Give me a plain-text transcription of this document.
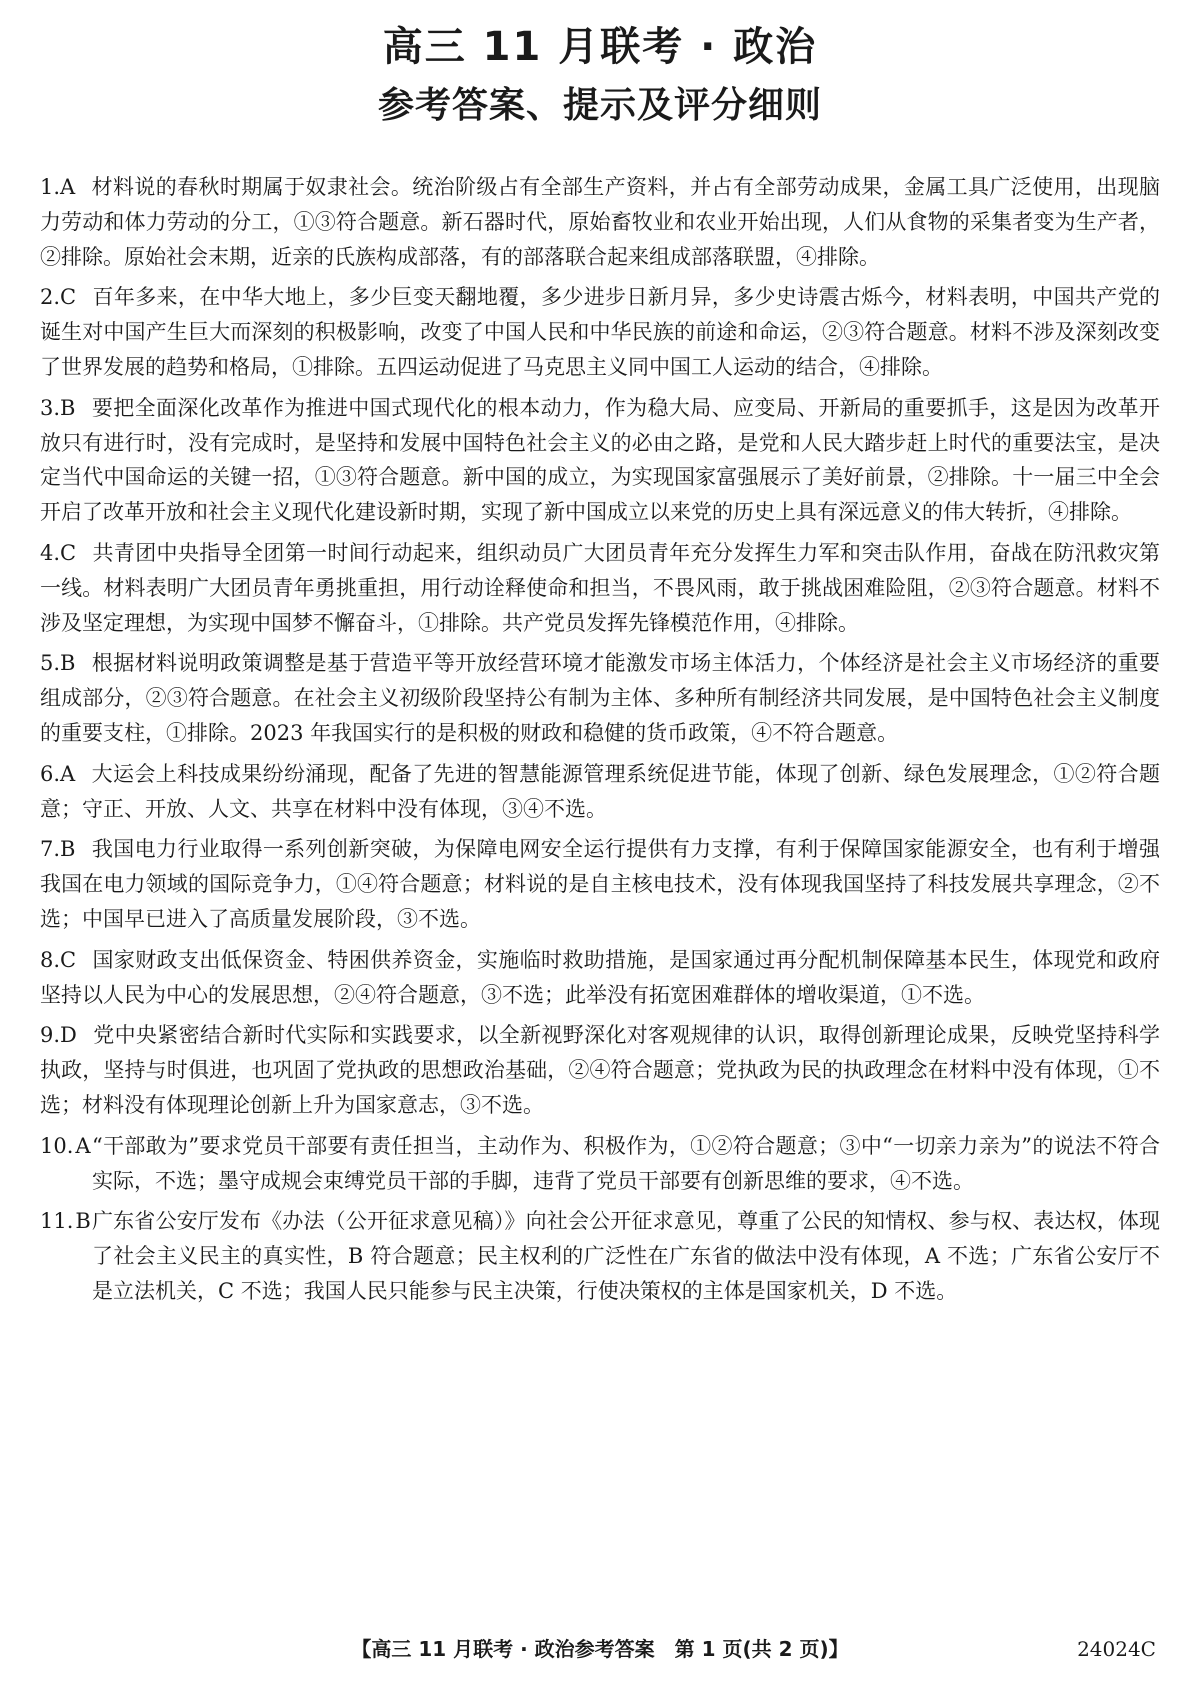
高三 11 月联考 · 政治
参考答案、提示及评分细则
1.A 材料说的春秋时期属于奴隶社会。统治阶级占有全部生产资料，并占有全部劳动成果，金属工具广泛使用，出现脑力劳动和体力劳动的分工，①③符合题意。新石器时代，原始畜牧业和农业开始出现，人们从食物的采集者变为生产者，②排除。原始社会末期，近亲的氏族构成部落，有的部落联合起来组成部落联盟，④排除。
2.C 百年多来，在中华大地上，多少巨变天翻地覆，多少进步日新月异，多少史诗震古烁今，材料表明，中国共产党的诞生对中国产生巨大而深刻的积极影响，改变了中国人民和中华民族的前途和命运，②③符合题意。材料不涉及深刻改变了世界发展的趋势和格局，①排除。五四运动促进了马克思主义同中国工人运动的结合，④排除。
3.B 要把全面深化改革作为推进中国式现代化的根本动力，作为稳大局、应变局、开新局的重要抓手，这是因为改革开放只有进行时，没有完成时，是坚持和发展中国特色社会主义的必由之路，是党和人民大踏步赶上时代的重要法宝，是决定当代中国命运的关键一招，①③符合题意。新中国的成立，为实现国家富强展示了美好前景，②排除。十一届三中全会开启了改革开放和社会主义现代化建设新时期，实现了新中国成立以来党的历史上具有深远意义的伟大转折，④排除。
4.C 共青团中央指导全团第一时间行动起来，组织动员广大团员青年充分发挥生力军和突击队作用，奋战在防汛救灾第一线。材料表明广大团员青年勇挑重担，用行动诠释使命和担当，不畏风雨，敢于挑战困难险阻，②③符合题意。材料不涉及坚定理想，为实现中国梦不懈奋斗，①排除。共产党员发挥先锋模范作用，④排除。
5.B 根据材料说明政策调整是基于营造平等开放经营环境才能激发市场主体活力，个体经济是社会主义市场经济的重要组成部分，②③符合题意。在社会主义初级阶段坚持公有制为主体、多种所有制经济共同发展，是中国特色社会主义制度的重要支柱，①排除。2023 年我国实行的是积极的财政和稳健的货币政策，④不符合题意。
6.A 大运会上科技成果纷纷涌现，配备了先进的智慧能源管理系统促进节能，体现了创新、绿色发展理念，①②符合题意；守正、开放、人文、共享在材料中没有体现，③④不选。
7.B 我国电力行业取得一系列创新突破，为保障电网安全运行提供有力支撑，有利于保障国家能源安全，也有利于增强我国在电力领域的国际竞争力，①④符合题意；材料说的是自主核电技术，没有体现我国坚持了科技发展共享理念，②不选；中国早已进入了高质量发展阶段，③不选。
8.C 国家财政支出低保资金、特困供养资金，实施临时救助措施，是国家通过再分配机制保障基本民生，体现党和政府坚持以人民为中心的发展思想，②④符合题意，③不选；此举没有拓宽困难群体的增收渠道，①不选。
9.D 党中央紧密结合新时代实际和实践要求，以全新视野深化对客观规律的认识，取得创新理论成果，反映党坚持科学执政，坚持与时俱进，也巩固了党执政的思想政治基础，②④符合题意；党执政为民的执政理念在材料中没有体现，①不选；材料没有体现理论创新上升为国家意志，③不选。
10.A “干部敢为”要求党员干部要有责任担当，主动作为、积极作为，①②符合题意；③中“一切亲力亲为”的说法不符合实际，不选；墨守成规会束缚党员干部的手脚，违背了党员干部要有创新思维的要求，④不选。
11.B 广东省公安厅发布《办法（公开征求意见稿）》向社会公开征求意见，尊重了公民的知情权、参与权、表达权，体现了社会主义民主的真实性，B 符合题意；民主权利的广泛性在广东省的做法中没有体现，A 不选；广东省公安厅不是立法机关，C 不选；我国人民只能参与民主决策，行使决策权的主体是国家机关，D 不选。
【高三 11 月联考 · 政治参考答案　第 1 页(共 2 页)】	24024C
